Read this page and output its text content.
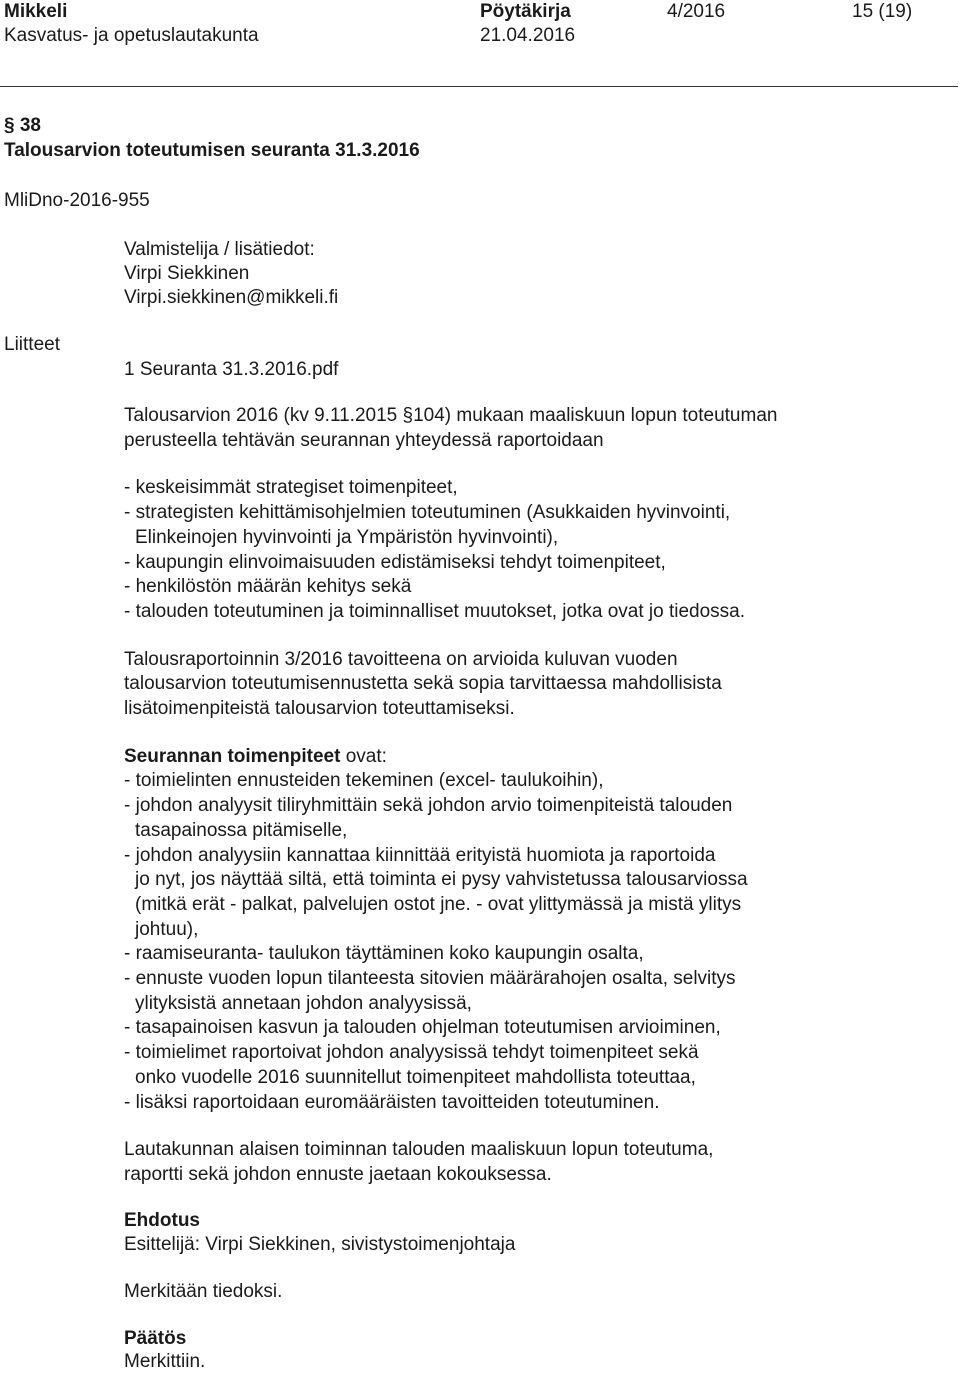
Mikkeli	Pöytäkirja	4/2016	15 (19)
Kasvatus- ja opetuslautakunta	21.04.2016
§ 38
Talousarvion toteutumisen seuranta 31.3.2016
MliDno-2016-955
Valmistelija / lisätiedot:
Virpi Siekkinen
Virpi.siekkinen@mikkeli.fi
Liitteet
1 Seuranta 31.3.2016.pdf
Talousarvion 2016 (kv 9.11.2015 §104) mukaan maaliskuun lopun toteutuman
perusteella tehtävän seurannan yhteydessä raportoidaan
- keskeisimmät strategiset toimenpiteet,
- strategisten kehittämisohjelmien toteutuminen (Asukkaiden hyvinvointi,
Elinkeinojen hyvinvointi ja Ympäristön hyvinvointi),
- kaupungin elinvoimaisuuden edistämiseksi tehdyt toimenpiteet,
- henkilöstön määrän kehitys sekä
- talouden toteutuminen ja toiminnalliset muutokset, jotka ovat jo tiedossa.
Talousraportoinnin 3/2016 tavoitteena on arvioida kuluvan vuoden
talousarvion toteutumisennustetta sekä sopia tarvittaessa mahdollisista
lisätoimenpiteistä talousarvion toteuttamiseksi.
Seurannan toimenpiteet ovat:
- toimielinten ennusteiden tekeminen (excel- taulukoihin),
- johdon analyysit tiliryhmittäin sekä johdon arvio toimenpiteistä talouden
tasapainossa pitämiselle,
- johdon analyysiin kannattaa kiinnittää erityistä huomiota ja raportoida
jo nyt, jos näyttää siltä, että toiminta ei pysy vahvistetussa talousarviossa
(mitkä erät - palkat, palvelujen ostot jne. - ovat ylittymässä ja mistä ylitys
johtuu),
- raamiseuranta- taulukon täyttäminen koko kaupungin osalta,
- ennuste vuoden lopun tilanteesta sitovien määrärahojen osalta, selvitys
ylityksistä annetaan johdon analyysissä,
- tasapainoisen kasvun ja talouden ohjelman toteutumisen arvioiminen,
- toimielimet raportoivat johdon analyysissä tehdyt toimenpiteet sekä
onko vuodelle 2016 suunnitellut toimenpiteet mahdollista toteuttaa,
- lisäksi raportoidaan euromääräisten tavoitteiden toteutuminen.
Lautakunnan alaisen toiminnan talouden maaliskuun lopun toteutuma,
raportti sekä johdon ennuste jaetaan kokouksessa.
Ehdotus
Esittelijä: Virpi Siekkinen, sivistystoimenjohtaja
Merkitään tiedoksi.
Päätös
Merkittiin.
